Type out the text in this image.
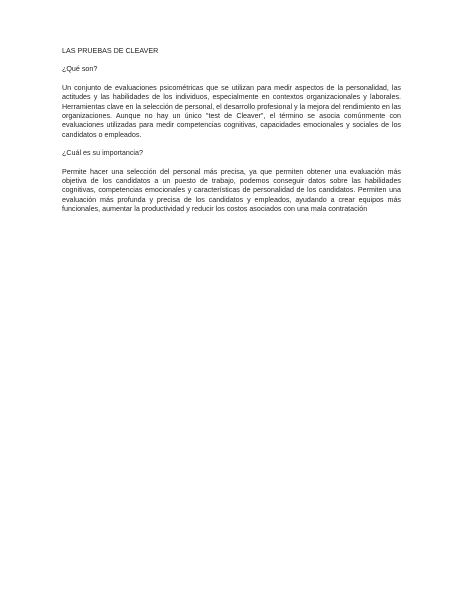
LAS PRUEBAS DE CLEAVER

¿Qué son?

Un conjunto de evaluaciones psicométricas que se utilizan para medir aspectos de la personalidad, las actitudes y las habilidades de los individuos, especialmente en contextos organizacionales y laborales. Herramientas clave en la selección de personal, el desarrollo profesional y la mejora del rendimiento en las organizaciones. Aunque no hay un único "test de Cleaver", el término se asocia comúnmente con evaluaciones utilizadas para medir competencias cognitivas, capacidades emocionales y sociales de los candidatos o empleados.

¿Cuál es su importancia?

Permite hacer una selección del personal más precisa, ya que permiten obtener una evaluación más objetiva de los candidatos a un puesto de trabajo, podemos conseguir datos sobre las habilidades cognitivas, competencias emocionales y características de personalidad de los candidatos. Permiten una evaluación más profunda y precisa de los candidatos y empleados, ayudando a crear equipos más funcionales, aumentar la productividad y reducir los costos asociados con una mala contratación
